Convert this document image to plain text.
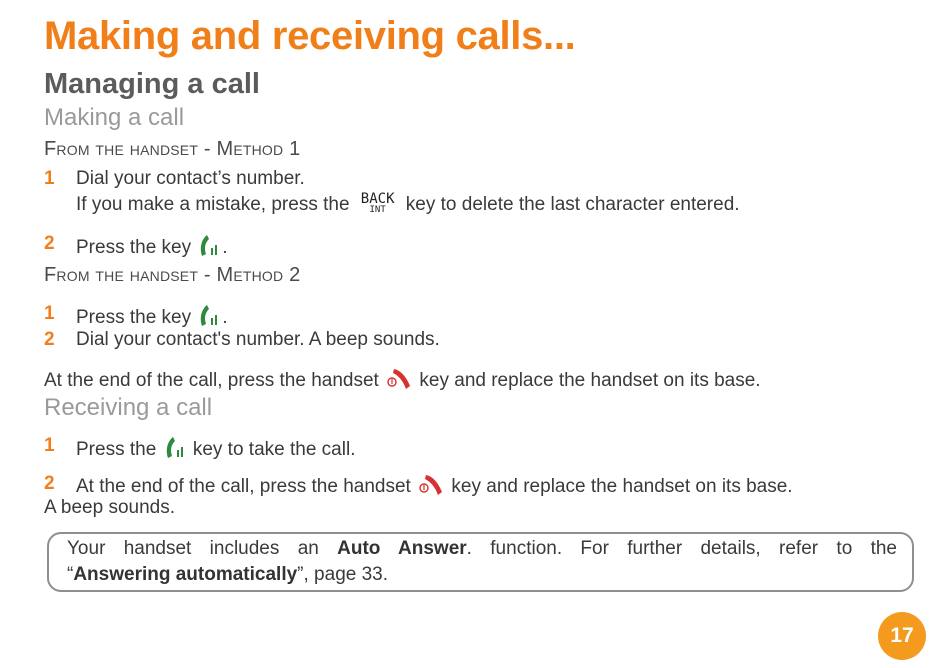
Making and receiving calls...
Managing a call
Making a call
From the handset - Method 1
1 Dial your contact’s number.
If you make a mistake, press the BACK
INT	key to delete the last character entered.
2 Press the key .
From the handset - Method 2
1 Press the key .
2 Dial your contact's number. A beep sounds.
At the end of the call, press the handset key and replace the handset on its base.
Receiving a call
1 Press the key to take the call.
2 At the end of the call, press the handset key and replace the handset on its base.
A beep sounds.
Your handset includes an Auto Answer. function. For further details, refer to the
“Answering automatically”, page 33.
17
